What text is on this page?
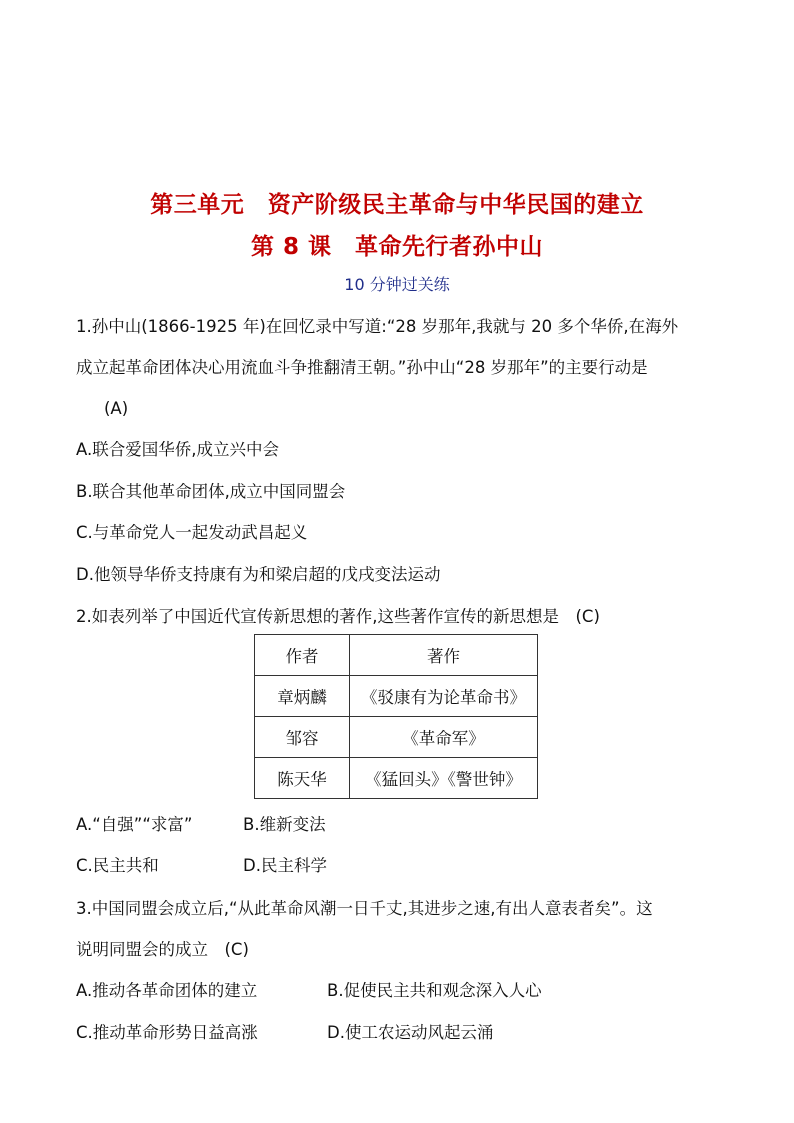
第三单元　资产阶级民主革命与中华民国的建立
第 8 课　革命先行者孙中山
10 分钟过关练
1.孙中山(1866-1925 年)在回忆录中写道:“28 岁那年,我就与 20 多个华侨,在海外
成立起革命团体决心用流血斗争推翻清王朝。”孙中山“28 岁那年”的主要行动是
(A)
A.联合爱国华侨,成立兴中会
B.联合其他革命团体,成立中国同盟会
C.与革命党人一起发动武昌起义
D.他领导华侨支持康有为和梁启超的戊戌变法运动
2.如表列举了中国近代宣传新思想的著作,这些著作宣传的新思想是　(C)
作者	著作
章炳麟	《驳康有为论革命书》
邹容	《革命军》
陈天华	《猛回头》《警世钟》
A.“自强”“求富”	B.维新变法
C.民主共和	D.民主科学
3.中国同盟会成立后,“从此革命风潮一日千丈,其进步之速,有出人意表者矣”。这
说明同盟会的成立　(C)
A.推动各革命团体的建立	B.促使民主共和观念深入人心
C.推动革命形势日益高涨	D.使工农运动风起云涌
